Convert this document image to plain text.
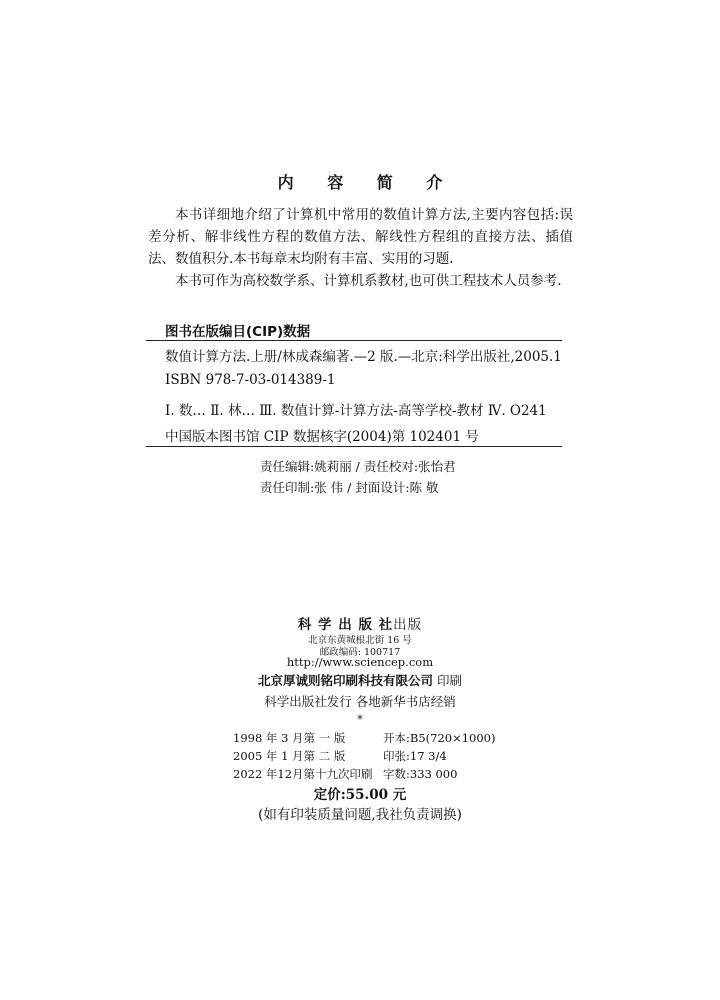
内 容 简 介

本书详细地介绍了计算机中常用的数值计算方法,主要内容包括:误差分析、解非线性方程的数值方法、解线性方程组的直接方法、插值法、数值积分.本书每章末均附有丰富、实用的习题.

本书可作为高校数学系、计算机系教材,也可供工程技术人员参考.

图书在版编目(CIP)数据
数值计算方法.上册/林成森编著.—2 版.—北京:科学出版社,2005.1
ISBN 978-7-03-014389-1
Ⅰ. 数… Ⅱ. 林… Ⅲ. 数值计算-计算方法-高等学校-教材 Ⅳ. O241
中国版本图书馆 CIP 数据核字(2004)第 102401 号
责任编辑:姚莉丽 / 责任校对:张怡君
责任印制:张 伟 / 封面设计:陈 敬
科 学 出 版 社出版
北京东黄城根北街 16 号
邮政编码: 100717
http://www.sciencep.com
北京厚诚则铭印刷科技有限公司 印刷
科学出版社发行 各地新华书店经销
*
1998 年 3 月第 一 版	开本:B5(720×1000)
2005 年 1 月第 二 版	印张:17 3/4
2022 年12月第十九次印刷 字数:333 000
定价:55.00 元
(如有印装质量问题,我社负责调换)
